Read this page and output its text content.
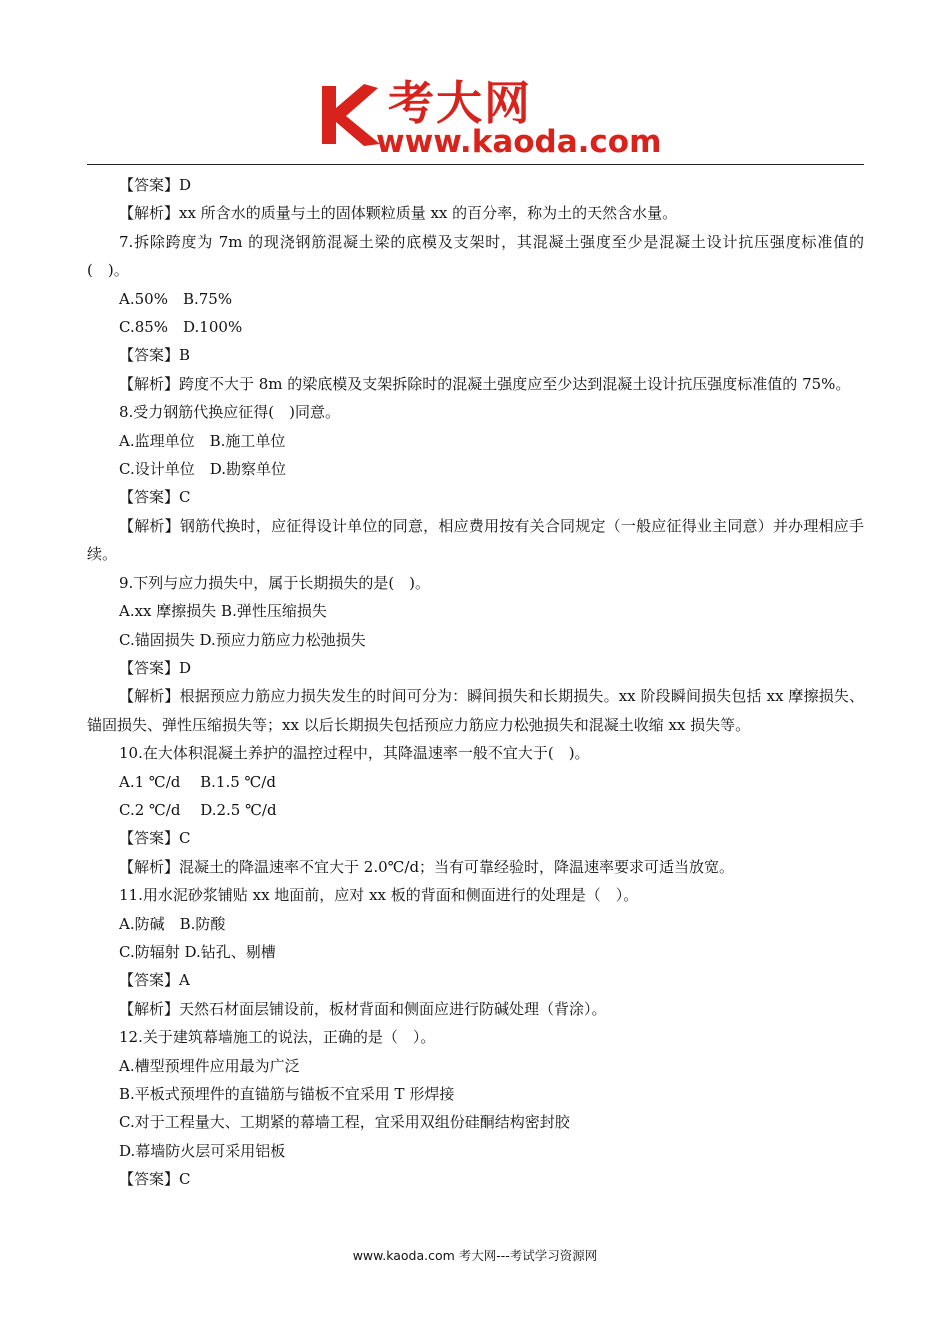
考大网
www.kaoda.com
【答案】D
【解析】xx 所含水的质量与土的固体颗粒质量 xx 的百分率，称为土的天然含水量。
7.拆除跨度为 7m 的现浇钢筋混凝土梁的底模及支架时，其混凝土强度至少是混凝土设计抗压强度标准值的(　)。
A.50%　B.75%
C.85%　D.100%
【答案】B
【解析】跨度不大于 8m 的梁底模及支架拆除时的混凝土强度应至少达到混凝土设计抗压强度标准值的 75%。
8.受力钢筋代换应征得(　)同意。
A.监理单位　B.施工单位
C.设计单位　D.勘察单位
【答案】C
【解析】钢筋代换时，应征得设计单位的同意，相应费用按有关合同规定（一般应征得业主同意）并办理相应手续。
9.下列与应力损失中，属于长期损失的是(　)。
A.xx 摩擦损失 B.弹性压缩损失
C.锚固损失 D.预应力筋应力松弛损失
【答案】D
【解析】根据预应力筋应力损失发生的时间可分为：瞬间损失和长期损失。xx 阶段瞬间损失包括 xx 摩擦损失、锚固损失、弹性压缩损失等；xx 以后长期损失包括预应力筋应力松弛损失和混凝土收缩 xx 损失等。
10.在大体积混凝土养护的温控过程中，其降温速率一般不宜大于(　)。
A.1 ℃/d　 B.1.5 ℃/d
C.2 ℃/d　 D.2.5 ℃/d
【答案】C
【解析】混凝土的降温速率不宜大于 2.0℃/d；当有可靠经验时，降温速率要求可适当放宽。
11.用水泥砂浆铺贴 xx 地面前，应对 xx 板的背面和侧面进行的处理是（　）。
A.防碱　B.防酸
C.防辐射 D.钻孔、剔槽
【答案】A
【解析】天然石材面层铺设前，板材背面和侧面应进行防碱处理（背涂）。
12.关于建筑幕墙施工的说法，正确的是（　）。
A.槽型预埋件应用最为广泛
B.平板式预埋件的直锚筋与锚板不宜采用 T 形焊接
C.对于工程量大、工期紧的幕墙工程，宜采用双组份硅酮结构密封胶
D.幕墙防火层可采用铝板
【答案】C
www.kaoda.com 考大网---考试学习资源网
